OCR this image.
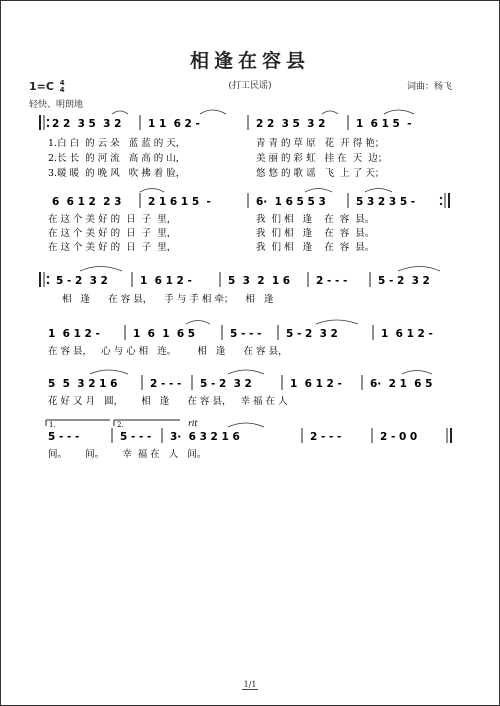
相逢在容县
(打工民谣)
1=C 4
4
轻快、明朗地
词曲：杨飞
2 2  3 5  3 2	1 1  6 2 -	2 2  3 5  3 2	1  6 1 5  -
6  6 1 2  2 3	2 1 6 1 5  -	6·  1 6 5 5 3	5 3 2 3 5 -
5 - 2  3 2	1  6 1 2 -	5  3  2  1 6 2 - - -	5 - 2  3 2
1  6 1 2 -	1  6  1  6 5	5 - - - 5 - 2  3 2	1  6 1 2 -
5  5  3 2 1 6	2 - - - 5 - 2  3 2	1  6 1 2 -	6·  2 1  6 5
5 - - -	5 - - - 3·  6 3 2 1 6	2 - - -	2 - 0 0
1.	2.	rit
1.白 白  的 云 朵   蓝 蓝 的 天，
2.长 长  的 河 流   高 高 的 山，
3.暖 暖  的 晚 风   吹 拂 着 脸，
青 青 的 草 原   花  开 得 艳；
美 丽 的 彩 虹   挂 在  天  边；
悠 悠 的 歌 谣   飞  上 了 天；
在 这 个 美 好 的  日  子  里，
在 这 个 美 好 的  日  子  里，
在 这 个 美 好 的  日  子  里，
我  们 相   逢    在  容  县。
我  们 相   逢    在  容  县。
我  们 相   逢    在  容  县。
相   逢      在 容 县，    手 与 手 相 牵；    相   逢
在 容 县，   心 与 心 相   连。       相   逢      在 容 县，
花 好 又 月   圆，      相   逢      在 容 县，   幸 福 在 人
间。      间。      幸  福 在   人   间。
1/1
